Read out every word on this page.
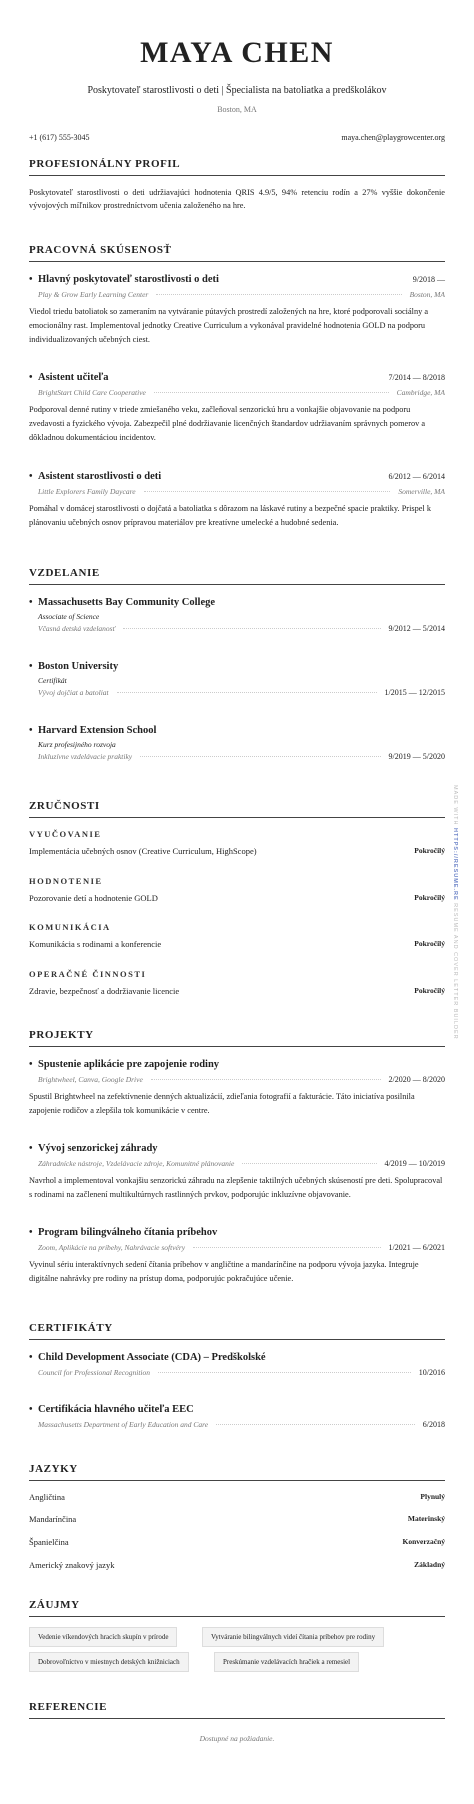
MAYA CHEN
Poskytovateľ starostlivosti o deti | Špecialista na batoliatka a predškolákov
Boston, MA
+1 (617) 555-3045	maya.chen@playgrowcenter.org
PROFESIONÁLNY PROFIL
Poskytovateľ starostlivosti o deti udržiavajúci hodnotenia QRIS 4.9/5, 94% retenciu rodín a 27% vyššie dokončenie vývojových míľnikov prostredníctvom učenia založeného na hre.
PRACOVNÁ SKÚSENOSŤ
• Hlavný poskytovateľ starostlivosti o deti	9/2018 —
Play & Grow Early Learning Center	Boston, MA
Viedol triedu batoliatok so zameraním na vytváranie pútavých prostredí založených na hre, ktoré podporovali sociálny a emocionálny rast. Implementoval jednotky Creative Curriculum a vykonával pravidelné hodnotenia GOLD na podporu individualizovaných učebných ciest.
• Asistent učiteľa	7/2014 — 8/2018
BrightStart Child Care Cooperative	Cambridge, MA
Podporoval denné rutiny v triede zmiešaného veku, začleňoval senzorickú hru a vonkajšie objavovanie na podporu zvedavosti a fyzického vývoja. Zabezpečil plné dodržiavanie licenčných štandardov udržiavaním správnych pomerov a dôkladnou dokumentáciou incidentov.
• Asistent starostlivosti o deti	6/2012 — 6/2014
Little Explorers Family Daycare	Somerville, MA
Pomáhal v domácej starostlivosti o dojčatá a batoliatka s dôrazom na láskavé rutiny a bezpečné spacie praktiky. Prispel k plánovaniu učebných osnov prípravou materiálov pre kreatívne umelecké a hudobné sedenia.
VZDELANIE
• Massachusetts Bay Community College
Associate of Science
Včasná detská vzdelanosť	9/2012 — 5/2014
• Boston University
Certifikát
Vývoj dojčiat a batoliat	1/2015 — 12/2015
• Harvard Extension School
Kurz profesijného rozvoja
Inkluzívne vzdelávacie praktiky	9/2019 — 5/2020
ZRUČNOSTI
VYUČOVANIE
Implementácia učebných osnov (Creative Curriculum, HighScope)	Pokročilý
HODNOTENIE
Pozorovanie detí a hodnotenie GOLD	Pokročilý
KOMUNIKÁCIA
Komunikácia s rodinami a konferencie	Pokročilý
OPERAČNÉ ČINNOSTI
Zdravie, bezpečnosť a dodržiavanie licencie	Pokročilý
PROJEKTY
• Spustenie aplikácie pre zapojenie rodiny
Brightwheel, Canva, Google Drive	2/2020 — 8/2020
Spustil Brightwheel na zefektívnenie denných aktualizácií, zdieľania fotografií a fakturácie. Táto iniciatíva posilnila zapojenie rodičov a zlepšila tok komunikácie v centre.
• Vývoj senzorickej záhrady
Záhradnícke nástroje, Vzdelávacie zdroje, Komunitné plánovanie	4/2019 — 10/2019
Navrhol a implementoval vonkajšiu senzorickú záhradu na zlepšenie taktilných učebných skúseností pre deti. Spolupracoval s rodinami na začlenení multikultúrnych rastlinných prvkov, podporujúc inkluzívne objavovanie.
• Program bilingválneho čítania príbehov
Zoom, Aplikácie na príbehy, Nahrávacie softvéry	1/2021 — 6/2021
Vyvinul sériu interaktívnych sedení čítania príbehov v angličtine a mandarínčine na podporu vývoja jazyka. Integruje digitálne nahrávky pre rodiny na prístup doma, podporujúc pokračujúce učenie.
CERTIFIKÁTY
• Child Development Associate (CDA) – Predškolské
Council for Professional Recognition	10/2016
• Certifikácia hlavného učiteľa EEC
Massachusetts Department of Early Education and Care	6/2018
JAZYKY
Angličtina	Plynulý
Mandarínčina	Materinský
Španielčina	Konverzačný
Americký znakový jazyk	Základný
ZÁUJMY
Vedenie víkendových hracích skupín v prírode	Vytváranie bilingválnych videí čítania príbehov pre rodiny
Dobrovoľníctvo v miestnych detských knižniciach	Preskúmanie vzdelávacích hračiek a remesiel
REFERENCIE
Dostupné na požiadanie.
MADE WITH HTTPS://RESUME.RE RESUME AND COVER LETTER BUILDER
